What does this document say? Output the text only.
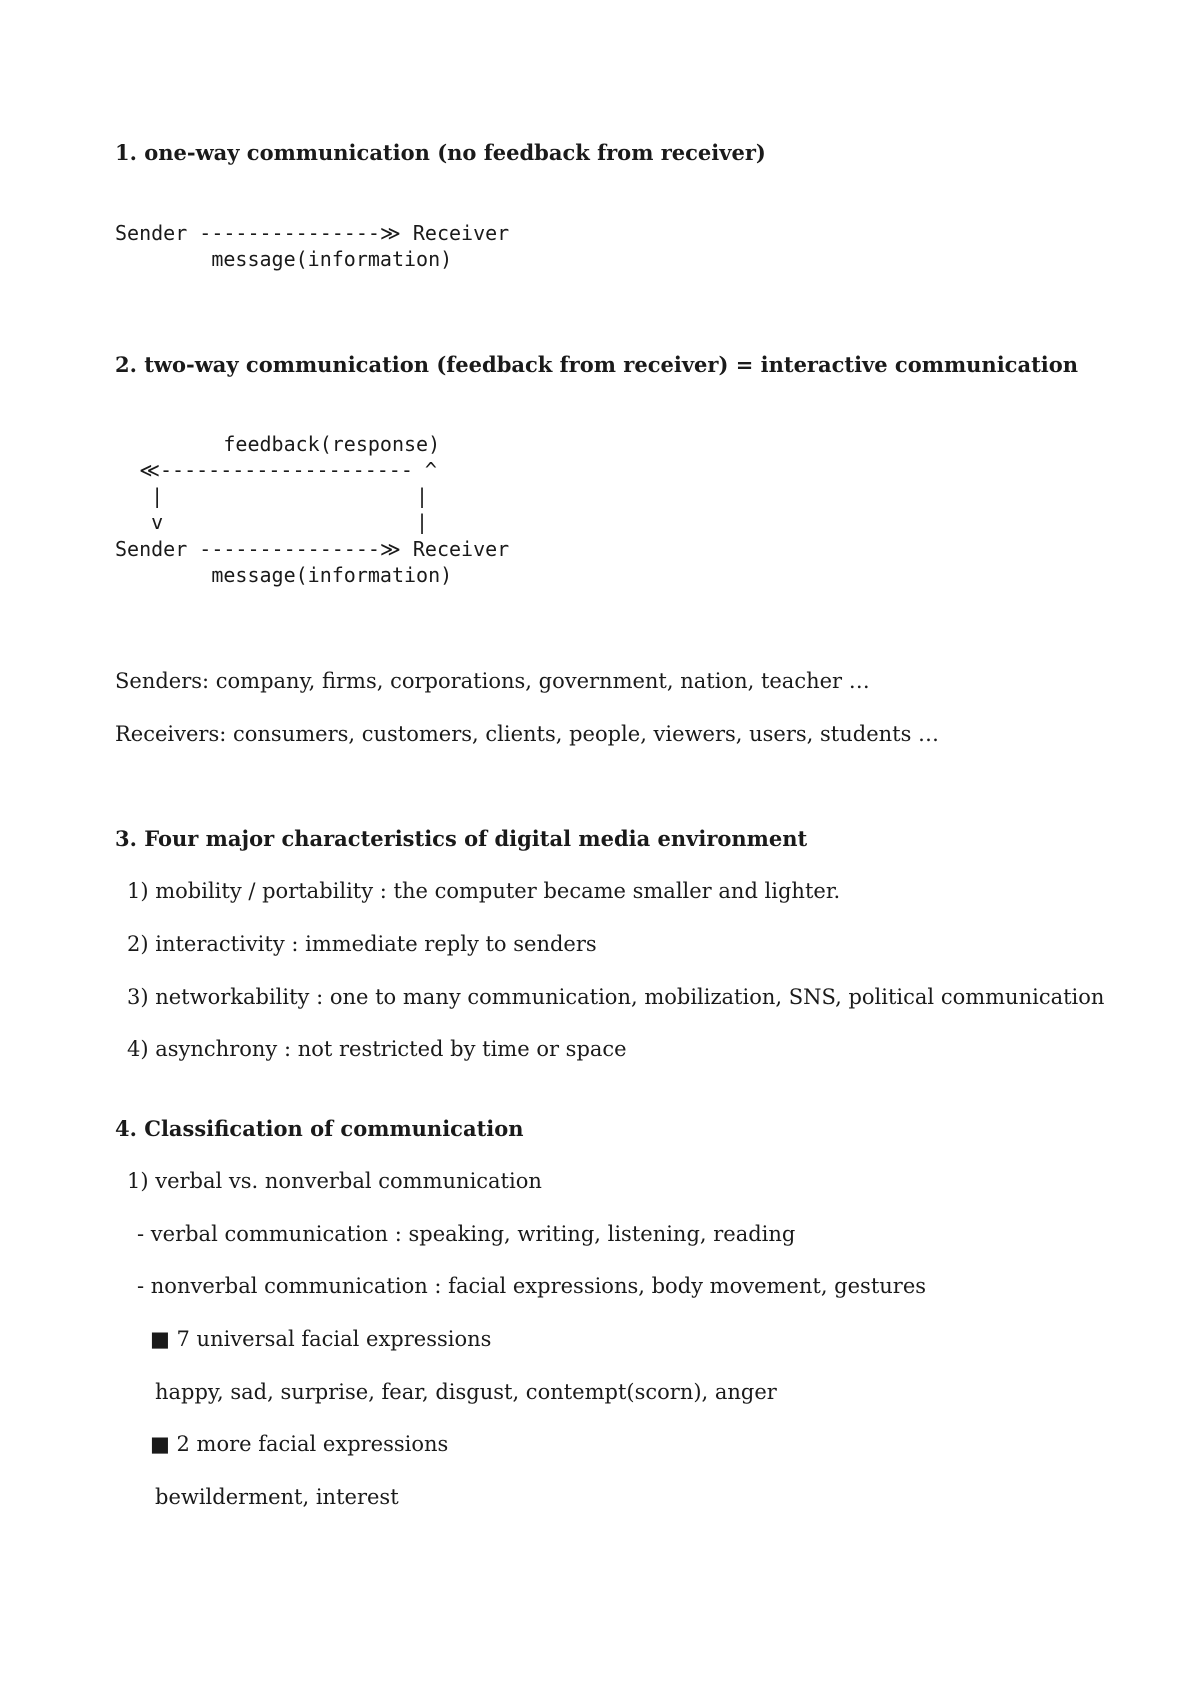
1. one-way communication (no feedback from receiver)
Sender ---------------≫ Receiver
message(information)
2. two-way communication (feedback from receiver) = interactive communication
feedback(response)
≪--------------------- ^
|                     |
v                     |
Sender ---------------≫ Receiver
message(information)
Senders: company, firms, corporations, government, nation, teacher …
Receivers: consumers, customers, clients, people, viewers, users, students …
3. Four major characteristics of digital media environment
1) mobility / portability : the computer became smaller and lighter.
2) interactivity : immediate reply to senders
3) networkability : one to many communication, mobilization, SNS, political communication
4) asynchrony : not restricted by time or space
4. Classification of communication
1) verbal vs. nonverbal communication
- verbal communication : speaking, writing, listening, reading
- nonverbal communication : facial expressions, body movement, gestures
■ 7 universal facial expressions
happy, sad, surprise, fear, disgust, contempt(scorn), anger
■ 2 more facial expressions
bewilderment, interest
